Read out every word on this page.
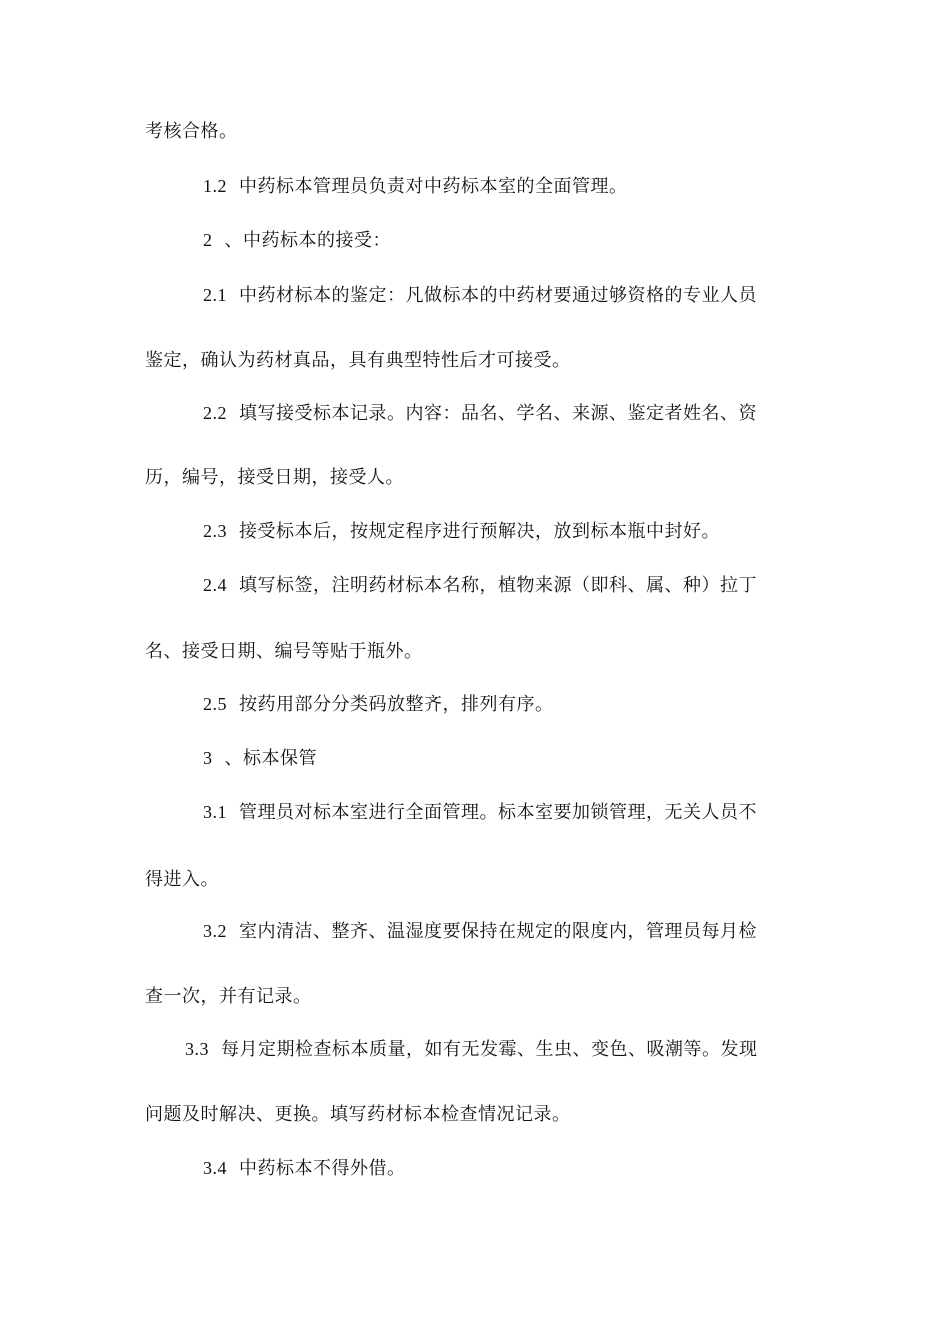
考核合格。
1.2 中药标本管理员负责对中药标本室的全面管理。
2 、中药标本的接受：
2.1 中药材标本的鉴定：凡做标本的中药材要通过够资格的专业人员
鉴定，确认为药材真品，具有典型特性后才可接受。
2.2 填写接受标本记录。内容：品名、学名、来源、鉴定者姓名、资
历，编号，接受日期，接受人。
2.3 接受标本后，按规定程序进行预解决，放到标本瓶中封好。
2.4 填写标签，注明药材标本名称，植物来源（即科、属、种）拉丁
名、接受日期、编号等贴于瓶外。
2.5 按药用部分分类码放整齐，排列有序。
3 、标本保管
3.1 管理员对标本室进行全面管理。标本室要加锁管理，无关人员不
得进入。
3.2 室内清洁、整齐、温湿度要保持在规定的限度内，管理员每月检
查一次，并有记录。
3.3 每月定期检查标本质量，如有无发霉、生虫、变色、吸潮等。发现
问题及时解决、更换。填写药材标本检查情况记录。
3.4 中药标本不得外借。
